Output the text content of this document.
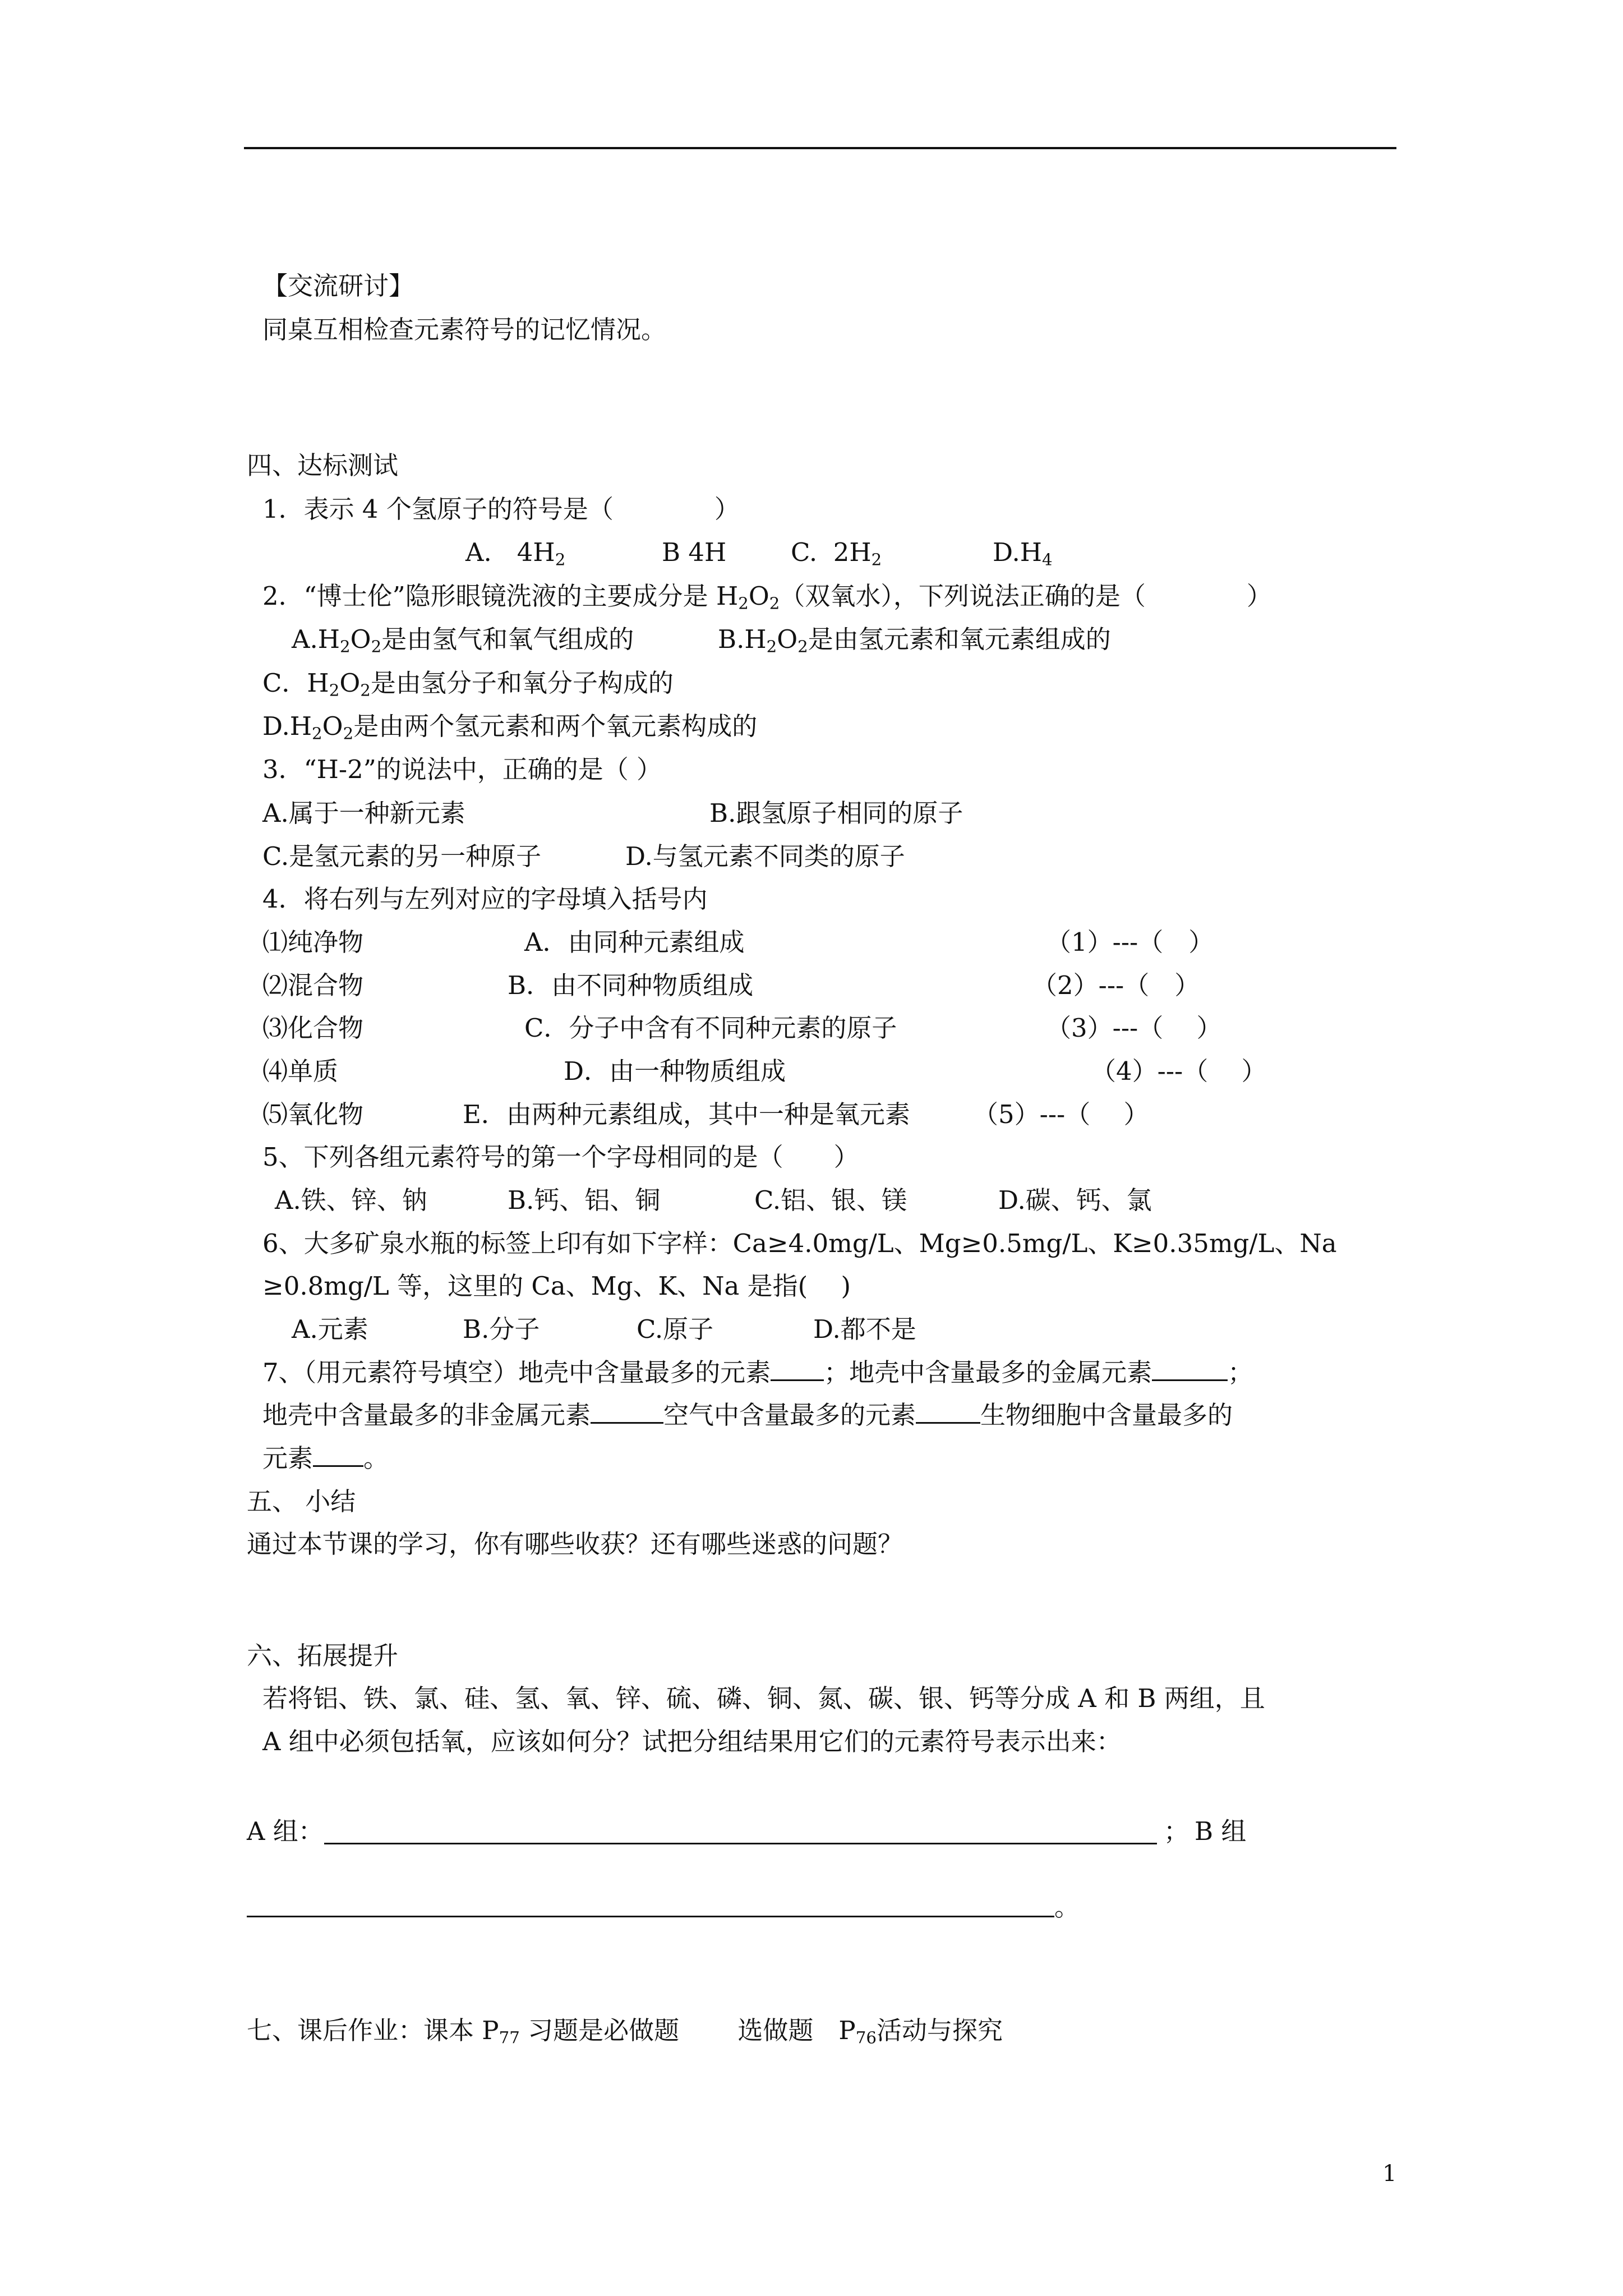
【交流研讨】
同桌互相检查元素符号的记忆情况。
四、达标测试
1．表示 4 个氢原子的符号是（　　　　）
A.　$4H_2$	B 4H	C.  $2H_2$	$D.H_4$
2．“博士伦”隐形眼镜洗液的主要成分是 $H_2O_2$（双氧水），下列说法正确的是（　　　　）
$A.H_2O_2$是由氢气和氧气组成的	$B.H_2O_2$是由氢元素和氧元素组成的
C．$H_2O_2$是由氢分子和氧分子构成的
$D.H_2O_2$是由两个氢元素和两个氧元素构成的
3．“H-2”的说法中，正确的是（ ）
A.属于一种新元素	B.跟氢原子相同的原子
C.是氢元素的另一种原子	D.与氢元素不同类的原子
4．将右列与左列对应的字母填入括号内
⑴纯净物	A．由同种元素组成	（1）---（　）
⑵混合物	B．由不同种物质组成	（2）---（　）
⑶化合物	C．分子中含有不同种元素的原子	（3）---（　 ）
⑷单质	D．由一种物质组成	（4）---（　 ）
⑸氧化物	E．由两种元素组成，其中一种是氧元素 （5）---（　 ）
5、下列各组元素符号的第一个字母相同的是（　　）
A.铁、锌、钠	B.钙、铝、铜	C.铝、银、镁	D.碳、钙、氯
6、大多矿泉水瓶的标签上印有如下字样：Ca≥4.0mg/L、Mg≥0.5mg/L、K≥0.35mg/L、Na
≥0.8mg/L 等，这里的 Ca、Mg、K、Na 是指(　 )
A.元素	B.分子	C.原子	D.都不是
7、（用元素符号填空）地壳中含量最多的元素 ；地壳中含量最多的金属元素	；
地壳中含量最多的非金属元素	空气中含量最多的元素	生物细胞中含量最多的
元素 。
五、 小结
通过本节课的学习，你有哪些收获？还有哪些迷惑的问题？
六、拓展提升
若将铝、铁、氯、硅、氢、氧、锌、硫、磷、铜、氮、碳、银、钙等分成 A 和 B 两组，且
A 组中必须包括氧，应该如何分？试把分组结果用它们的元素符号表示出来：
A 组：	； B 组
。
七、课后作业：课本 $P_{77}$ 习题是必做题　　 选做题　$P_{76}$活动与探究
1
